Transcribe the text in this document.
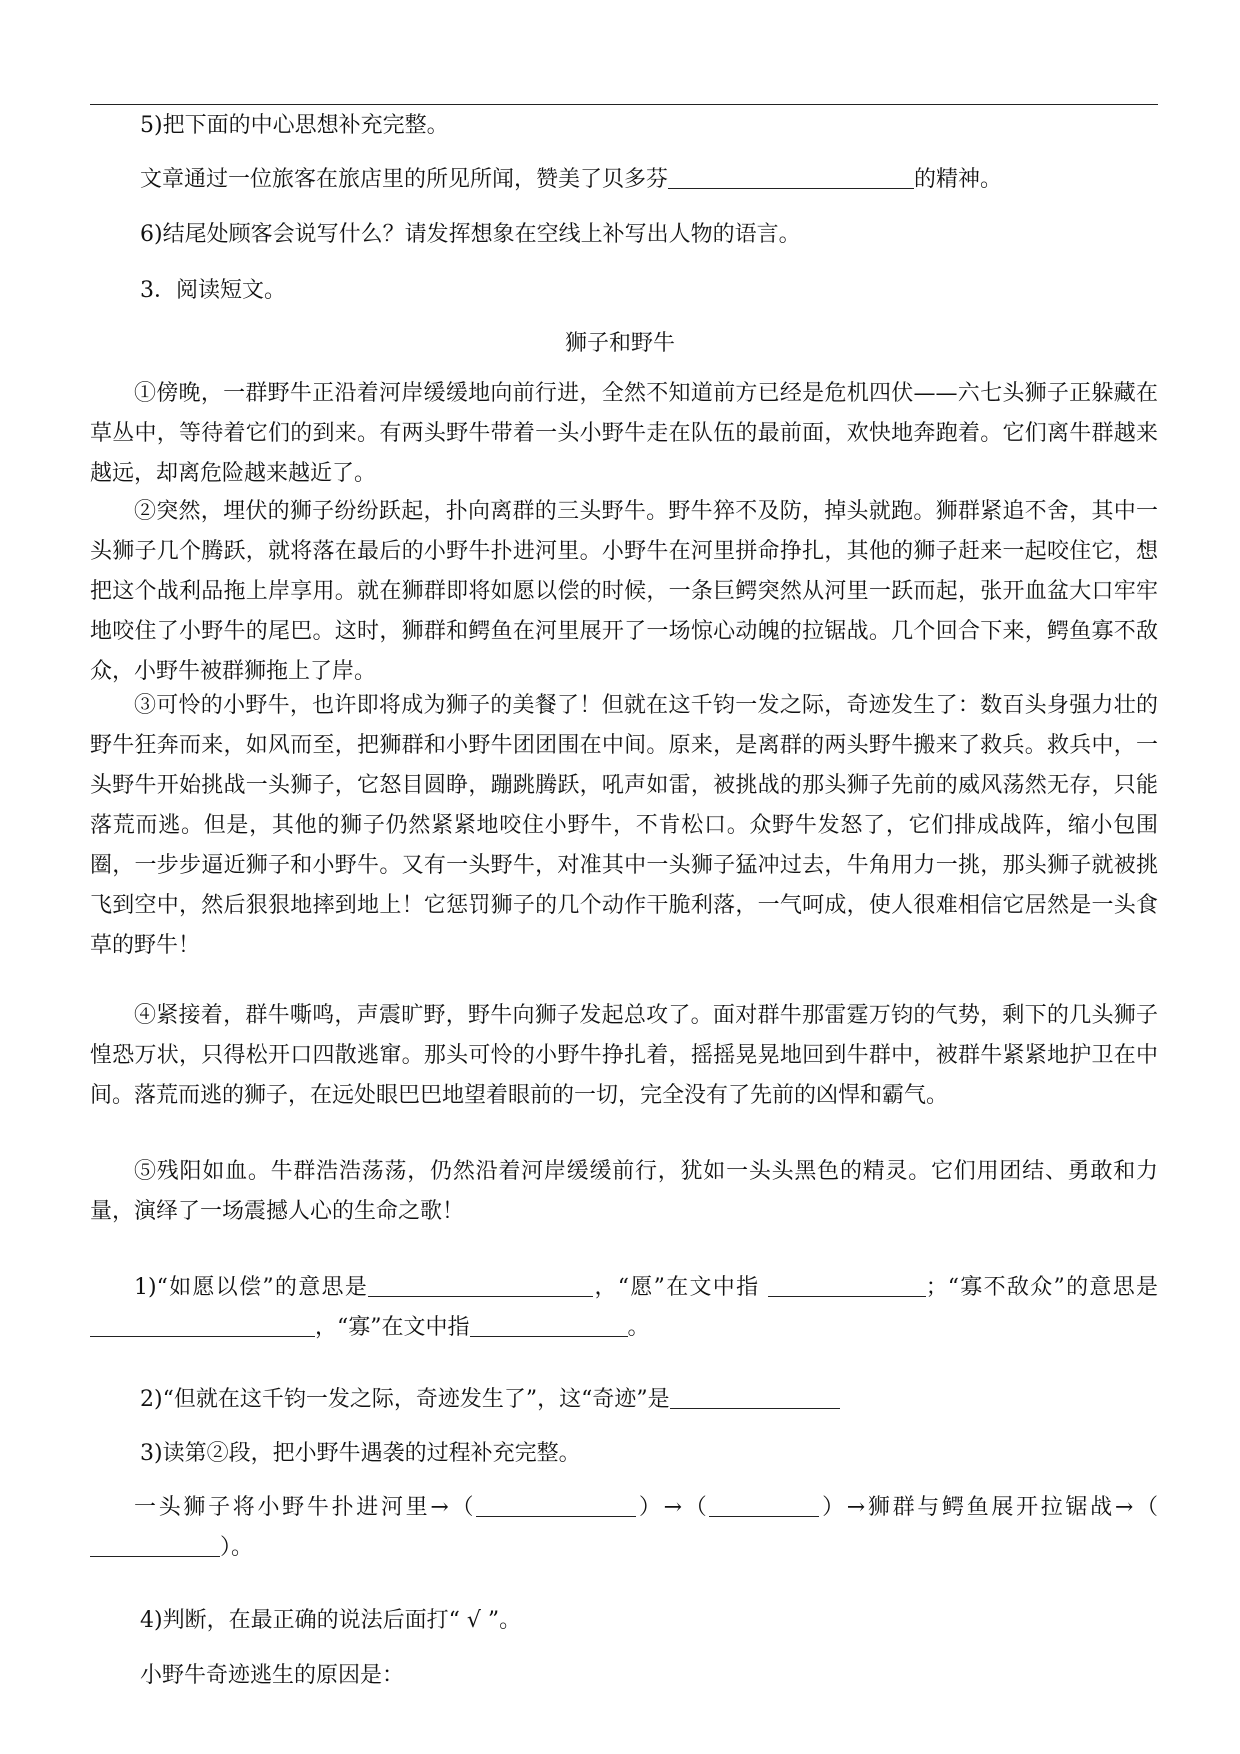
5)把下面的中心思想补充完整。
文章通过一位旅客在旅店里的所见所闻，赞美了贝多芬	的精神。
6)结尾处顾客会说写什么？请发挥想象在空线上补写出人物的语言。
3．阅读短文。
狮子和野牛
①傍晚，一群野牛正沿着河岸缓缓地向前行进，全然不知道前方已经是危机四伏——六七头狮子正躲藏在草丛中，等待着它们的到来。有两头野牛带着一头小野牛走在队伍的最前面，欢快地奔跑着。它们离牛群越来越远，却离危险越来越近了。
②突然，埋伏的狮子纷纷跃起，扑向离群的三头野牛。野牛猝不及防，掉头就跑。狮群紧追不舍，其中一头狮子几个腾跃，就将落在最后的小野牛扑进河里。小野牛在河里拼命挣扎，其他的狮子赶来一起咬住它，想把这个战利品拖上岸享用。就在狮群即将如愿以偿的时候，一条巨鳄突然从河里一跃而起，张开血盆大口牢牢地咬住了小野牛的尾巴。这时，狮群和鳄鱼在河里展开了一场惊心动魄的拉锯战。几个回合下来，鳄鱼寡不敌众，小野牛被群狮拖上了岸。
③可怜的小野牛，也许即将成为狮子的美餐了！但就在这千钧一发之际，奇迹发生了：数百头身强力壮的野牛狂奔而来，如风而至，把狮群和小野牛团团围在中间。原来，是离群的两头野牛搬来了救兵。救兵中，一头野牛开始挑战一头狮子，它怒目圆睁，蹦跳腾跃，吼声如雷，被挑战的那头狮子先前的威风荡然无存，只能落荒而逃。但是，其他的狮子仍然紧紧地咬住小野牛，不肯松口。众野牛发怒了，它们排成战阵，缩小包围圈，一步步逼近狮子和小野牛。又有一头野牛，对准其中一头狮子猛冲过去，牛角用力一挑，那头狮子就被挑飞到空中，然后狠狠地摔到地上！它惩罚狮子的几个动作干脆利落，一气呵成，使人很难相信它居然是一头食草的野牛！
④紧接着，群牛嘶鸣，声震旷野，野牛向狮子发起总攻了。面对群牛那雷霆万钧的气势，剩下的几头狮子惶恐万状，只得松开口四散逃窜。那头可怜的小野牛挣扎着，摇摇晃晃地回到牛群中，被群牛紧紧地护卫在中间。落荒而逃的狮子，在远处眼巴巴地望着眼前的一切，完全没有了先前的凶悍和霸气。
⑤残阳如血。牛群浩浩荡荡，仍然沿着河岸缓缓前行，犹如一头头黑色的精灵。它们用团结、勇敢和力量，演绎了一场震撼人心的生命之歌！
1)“如愿以偿”的意思是	，“愿”在文中指	；“寡不敌众”的意思是，“寡”在文中指	。
2)“但就在这千钧一发之际，奇迹发生了”，这“奇迹”是
3)读第②段，把小野牛遇袭的过程补充完整。
一头狮子将小野牛扑进河里→（	）→（	）→狮群与鳄鱼展开拉锯战→（）。
4)判断，在最正确的说法后面打“ √ ”。
小野牛奇迹逃生的原因是：
